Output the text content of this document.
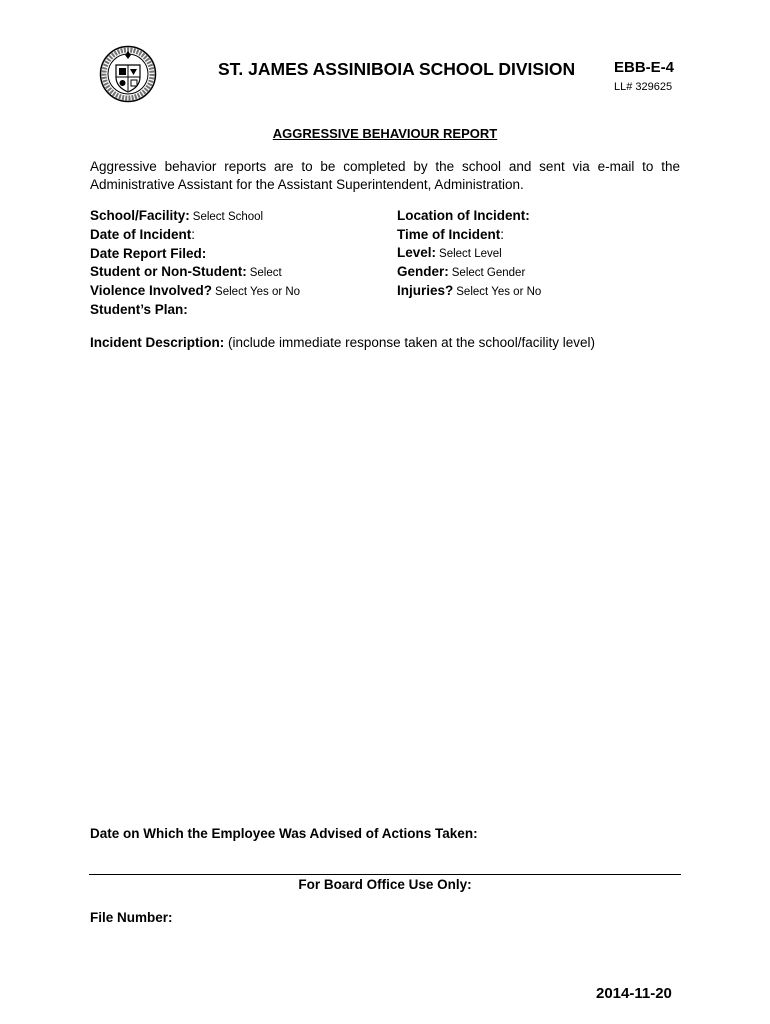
ST. JAMES ASSINIBOIA SCHOOL DIVISION	EBB-E-4
LL# 329625
AGGRESSIVE BEHAVIOUR REPORT
Aggressive behavior reports are to be completed by the school and sent via e-mail to the
Administrative Assistant for the Assistant Superintendent, Administration.
School/Facility: Select School
Date of Incident:
Date Report Filed:
Student or Non-Student: Select
Violence Involved? Select Yes or No
Student’s Plan:
Location of Incident:
Time of Incident:
Level: Select Level
Gender: Select Gender
Injuries? Select Yes or No
Incident Description: (include immediate response taken at the school/facility level)
Date on Which the Employee Was Advised of Actions Taken:
For Board Office Use Only:
File Number:
2014-11-20
